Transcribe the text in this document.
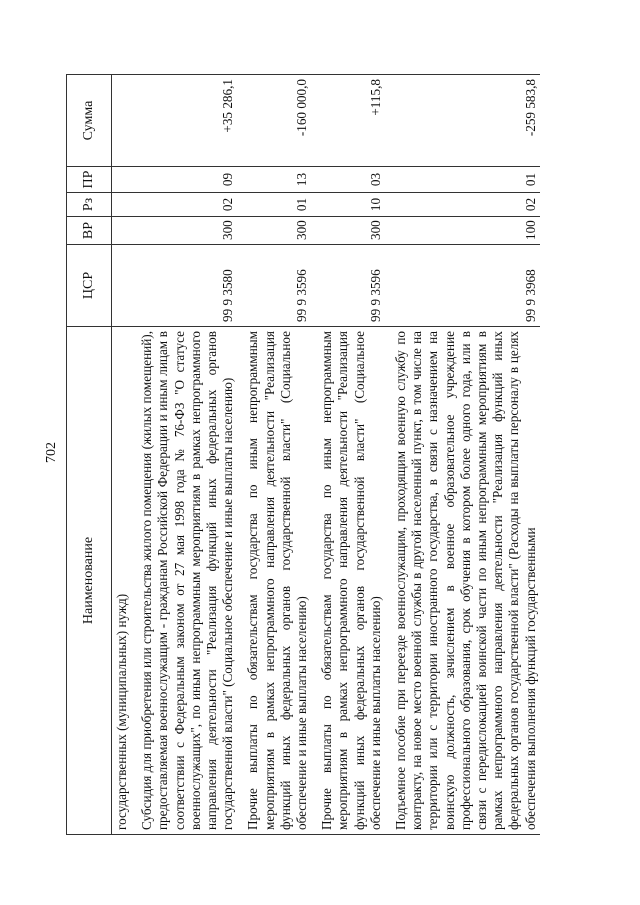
702
Наименование	ЦСР	ВР	Рз	ПР	Сумма
государственных (муниципальных) нужд)					
Субсидия для приобретения или строительства жилого помещения (жилых помещений), предоставляемая военнослужащим - гражданам Российской Федерации и иным лицам в соответствии с Федеральным законом от 27 мая 1998 года № 76-ФЗ "О статусе военнослужащих", по иным непрограммным мероприятиям в рамках непрограммного направления деятельности "Реализация функций иных федеральных органов государственной власти" (Социальное обеспечение и иные выплаты населению)	99 9 3580	300	02	09	+35 286,1
Прочие выплаты по обязательствам государства по иным непрограммным мероприятиям в рамках непрограммного направления деятельности "Реализация функций иных федеральных органов государственной власти" (Социальное обеспечение и иные выплаты населению)	99 9 3596	300	01	13	-160 000,0
Прочие выплаты по обязательствам государства по иным непрограммным мероприятиям в рамках непрограммного направления деятельности "Реализация функций иных федеральных органов государственной власти" (Социальное обеспечение и иные выплаты населению)	99 9 3596	300	10	03	+115,8
Подъемное пособие при переезде военнослужащим, проходящим военную службу по контракту, на новое место военной службы в другой населенный пункт, в том числе на территории или с территории иностранного государства, в связи с назначением на воинскую должность, зачислением в военное образовательное учреждение профессионального образования, срок обучения в котором более одного года, или в связи с передислокацией воинской части по иным непрограммным мероприятиям в рамках непрограммного направления деятельности "Реализация функций иных федеральных органов государственной власти" (Расходы на выплаты персоналу в целях обеспечения выполнения функций государственными	99 9 3968	100	02	01	-259 583,8
